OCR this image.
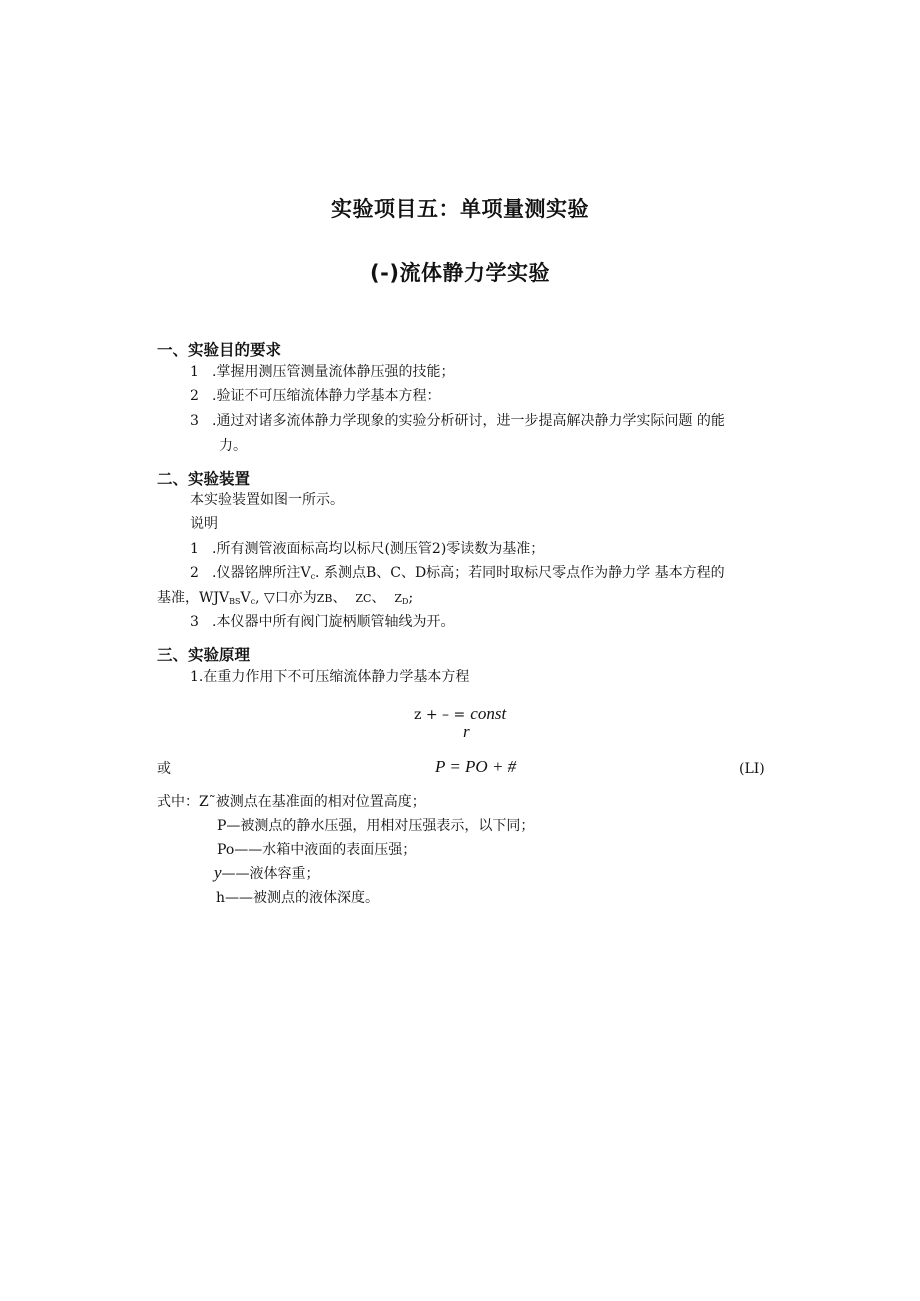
实验项目五：单项量测实验
(-)流体静力学实验
一、实验目的要求
1 .掌握用测压管测量流体静压强的技能；
2 .验证不可压缩流体静力学基本方程：
3 .通过对诸多流体静力学现象的实验分析研讨，进一步提高解决静力学实际问题 的能
力。
二、实验装置
本实验装置如图一所示。
说明
1 .所有测管液面标高均以标尺(测压管2)零读数为基准；
2 .仪器铭牌所注$V_c$. 系测点B、C、D标高；若同时取标尺零点作为静力学 基本方程的
基准，$WJV_{BS}V_c$, ▽口亦为ZB、 ZC、 $Z_D$;
3 .本仪器中所有阀门旋柄顺管轴线为开。
三、实验原理
1.在重力作用下不可压缩流体静力学基本方程
z + – = const
r
或	P = PO + #	(LI)
式中：Z˜被测点在基准面的相对位置高度；
P—被测点的静水压强，用相对压强表示，以下同；
Po——水箱中液面的表面压强；
y——液体容重；
h——被测点的液体深度。
